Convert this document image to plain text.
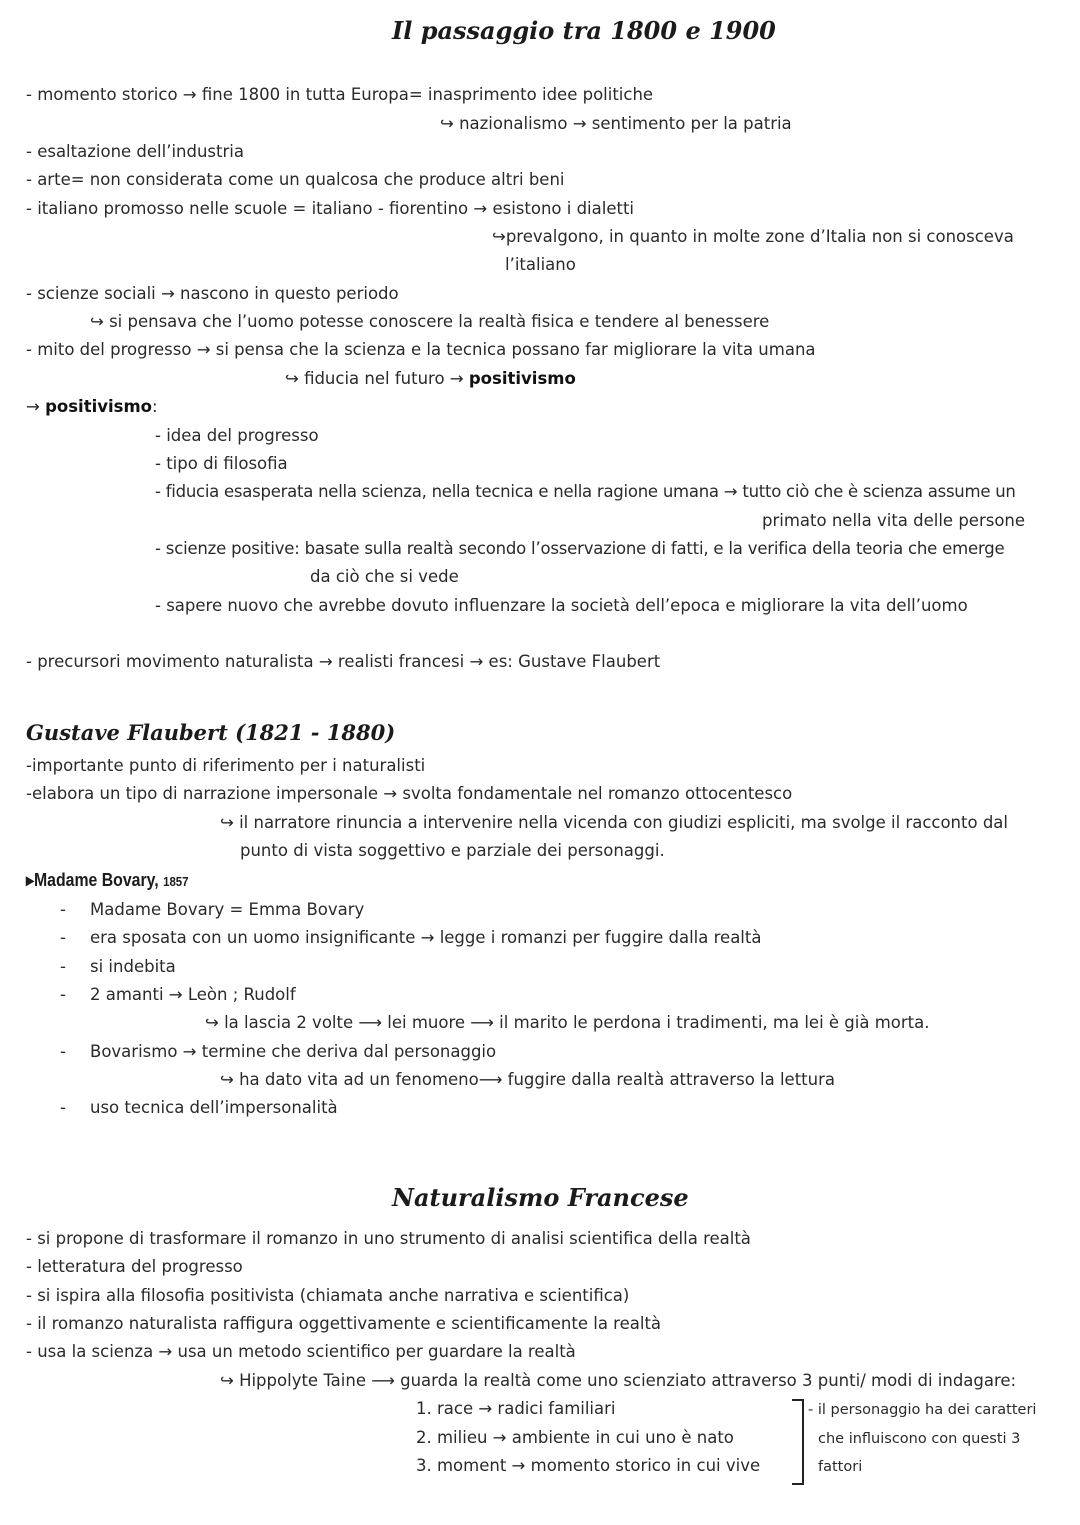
Il passaggio tra 1800 e 1900
- momento storico → fine 1800 in tutta Europa= inasprimento idee politiche
↪ nazionalismo → sentimento per la patria
- esaltazione dell’industria
- arte= non considerata come un qualcosa che produce altri beni
- italiano promosso nelle scuole = italiano - fiorentino → esistono i dialetti
↪prevalgono, in quanto in molte zone d’Italia non si conosceva
l’italiano
- scienze sociali → nascono in questo periodo
↪ si pensava che l’uomo potesse conoscere la realtà fisica e tendere al benessere
- mito del progresso → si pensa che la scienza e la tecnica possano far migliorare la vita umana
↪ fiducia nel futuro → positivismo
→ positivismo:
- idea del progresso
- tipo di filosofia
- fiducia esasperata nella scienza, nella tecnica e nella ragione umana → tutto ciò che è scienza assume un
primato nella vita delle persone
- scienze positive: basate sulla realtà secondo l’osservazione di fatti, e la verifica della teoria che emerge
da ciò che si vede
- sapere nuovo che avrebbe dovuto influenzare la società dell’epoca e migliorare la vita dell’uomo
- precursori movimento naturalista → realisti francesi → es: Gustave Flaubert
Gustave Flaubert (1821 - 1880)
-importante punto di riferimento per i naturalisti
-elabora un tipo di narrazione impersonale → svolta fondamentale nel romanzo ottocentesco
↪ il narratore rinuncia a intervenire nella vicenda con giudizi espliciti, ma svolge il racconto dal
punto di vista soggettivo e parziale dei personaggi.
▸Madame Bovary, 1857
- Madame Bovary = Emma Bovary
- era sposata con un uomo insignificante → legge i romanzi per fuggire dalla realtà
- si indebita
- 2 amanti → Leòn ; Rudolf
↪ la lascia 2 volte ⟶ lei muore ⟶ il marito le perdona i tradimenti, ma lei è già morta.
- Bovarismo → termine che deriva dal personaggio
↪ ha dato vita ad un fenomeno⟶ fuggire dalla realtà attraverso la lettura
- uso tecnica dell’impersonalità
Naturalismo Francese
- si propone di trasformare il romanzo in uno strumento di analisi scientifica della realtà
- letteratura del progresso
- si ispira alla filosofia positivista (chiamata anche narrativa e scientifica)
- il romanzo naturalista raffigura oggettivamente e scientificamente la realtà
- usa la scienza → usa un metodo scientifico per guardare la realtà
↪ Hippolyte Taine ⟶ guarda la realtà come uno scienziato attraverso 3 punti/ modi di indagare:
1. race → radici familiari
2. milieu → ambiente in cui uno è nato
3. moment → momento storico in cui vive
- il personaggio ha dei caratteri
che influiscono con questi 3
fattori
